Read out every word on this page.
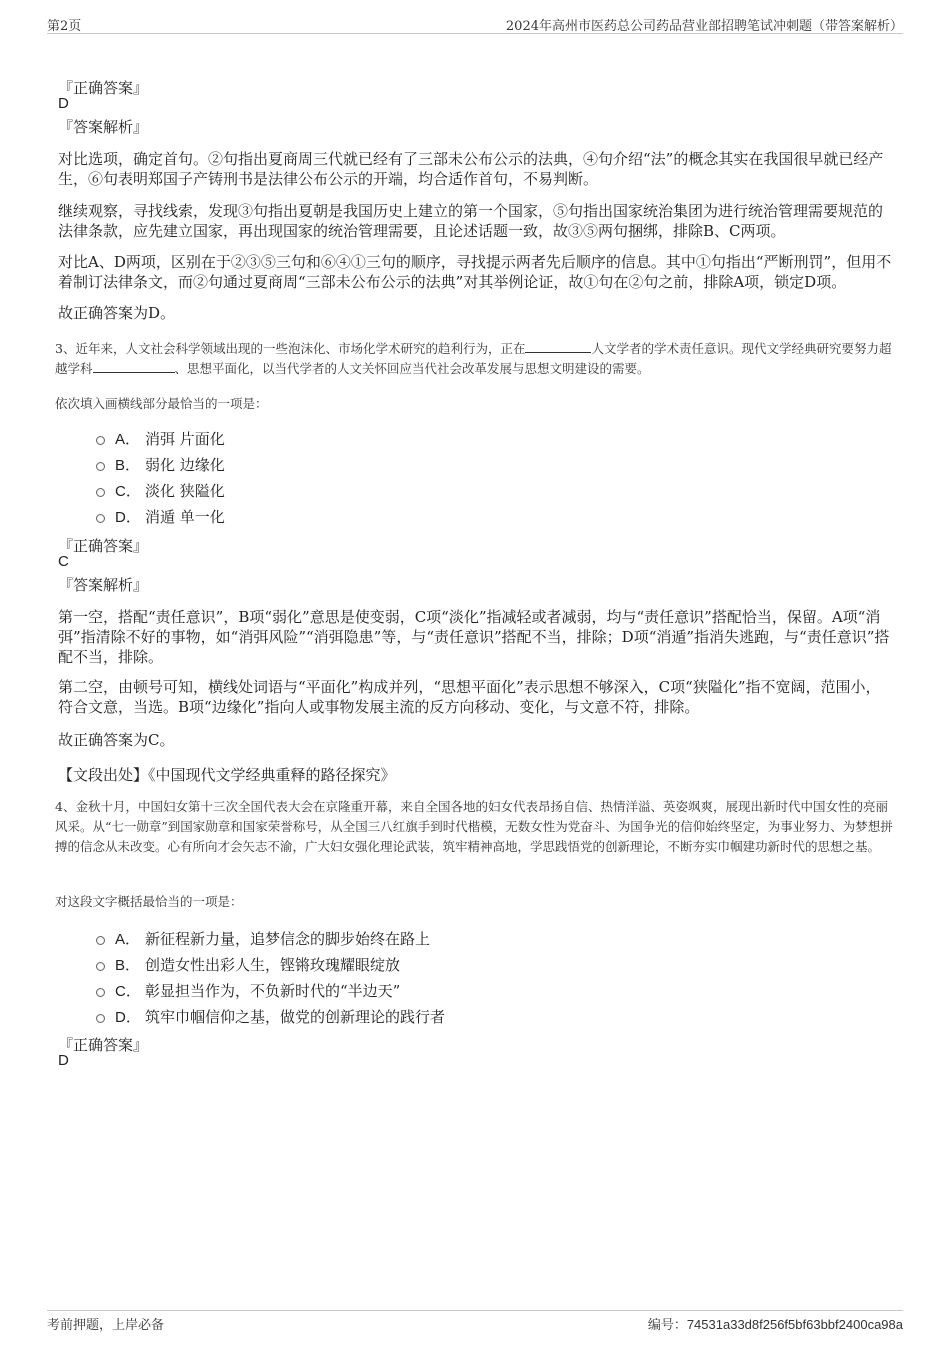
第2页	2024年高州市医药总公司药品营业部招聘笔试冲刺题（带答案解析）
『正确答案』
D
『答案解析』
对比选项，确定首句。②句指出夏商周三代就已经有了三部未公布公示的法典，④句介绍“法”的概念其实在我国很早就已经产生，⑥句表明郑国子产铸刑书是法律公布公示的开端，均合适作首句，不易判断。
继续观察，寻找线索，发现③句指出夏朝是我国历史上建立的第一个国家，⑤句指出国家统治集团为进行统治管理需要规范的法律条款，应先建立国家，再出现国家的统治管理需要，且论述话题一致，故③⑤两句捆绑，排除B、C两项。
对比A、D两项，区别在于②③⑤三句和⑥④①三句的顺序，寻找提示两者先后顺序的信息。其中①句指出“严断刑罚”，但用不着制订法律条文，而②句通过夏商周“三部未公布公示的法典”对其举例论证，故①句在②句之前，排除A项，锁定D项。
故正确答案为D。
3、近年来，人文社会科学领域出现的一些泡沫化、市场化学术研究的趋利行为，正在	人文学者的学术责任意识。现代文学经典研究要努力超越学科	、思想平面化，以当代学者的人文关怀回应当代社会改革发展与思想文明建设的需要。
依次填入画横线部分最恰当的一项是：
A． 消弭 片面化
B． 弱化 边缘化
C． 淡化 狭隘化
D． 消遁 单一化
『正确答案』
C
『答案解析』
第一空，搭配“责任意识”，B项“弱化”意思是使变弱，C项“淡化”指减轻或者减弱，均与“责任意识”搭配恰当，保留。A项“消弭”指清除不好的事物，如“消弭风险”“消弭隐患”等，与“责任意识”搭配不当，排除；D项“消遁”指消失逃跑，与“责任意识”搭配不当，排除。
第二空，由顿号可知，横线处词语与“平面化”构成并列，“思想平面化”表示思想不够深入，C项“狭隘化”指不宽阔，范围小，符合文意，当选。B项“边缘化”指向人或事物发展主流的反方向移动、变化，与文意不符，排除。
故正确答案为C。
【文段出处】《中国现代文学经典重释的路径探究》
4、金秋十月，中国妇女第十三次全国代表大会在京隆重开幕，来自全国各地的妇女代表昂扬自信、热情洋溢、英姿飒爽，展现出新时代中国女性的亮丽风采。从“七一勋章”到国家勋章和国家荣誉称号，从全国三八红旗手到时代楷模，无数女性为党奋斗、为国争光的信仰始终坚定，为事业努力、为梦想拼搏的信念从未改变。心有所向才会矢志不渝，广大妇女强化理论武装，筑牢精神高地，学思践悟党的创新理论，不断夯实巾帼建功新时代的思想之基。
对这段文字概括最恰当的一项是：
A． 新征程新力量，追梦信念的脚步始终在路上
B． 创造女性出彩人生，铿锵玫瑰耀眼绽放
C． 彰显担当作为，不负新时代的“半边天”
D． 筑牢巾帼信仰之基，做党的创新理论的践行者
『正确答案』
D
考前押题，上岸必备	编号：74531a33d8f256f5bf63bbf2400ca98a
